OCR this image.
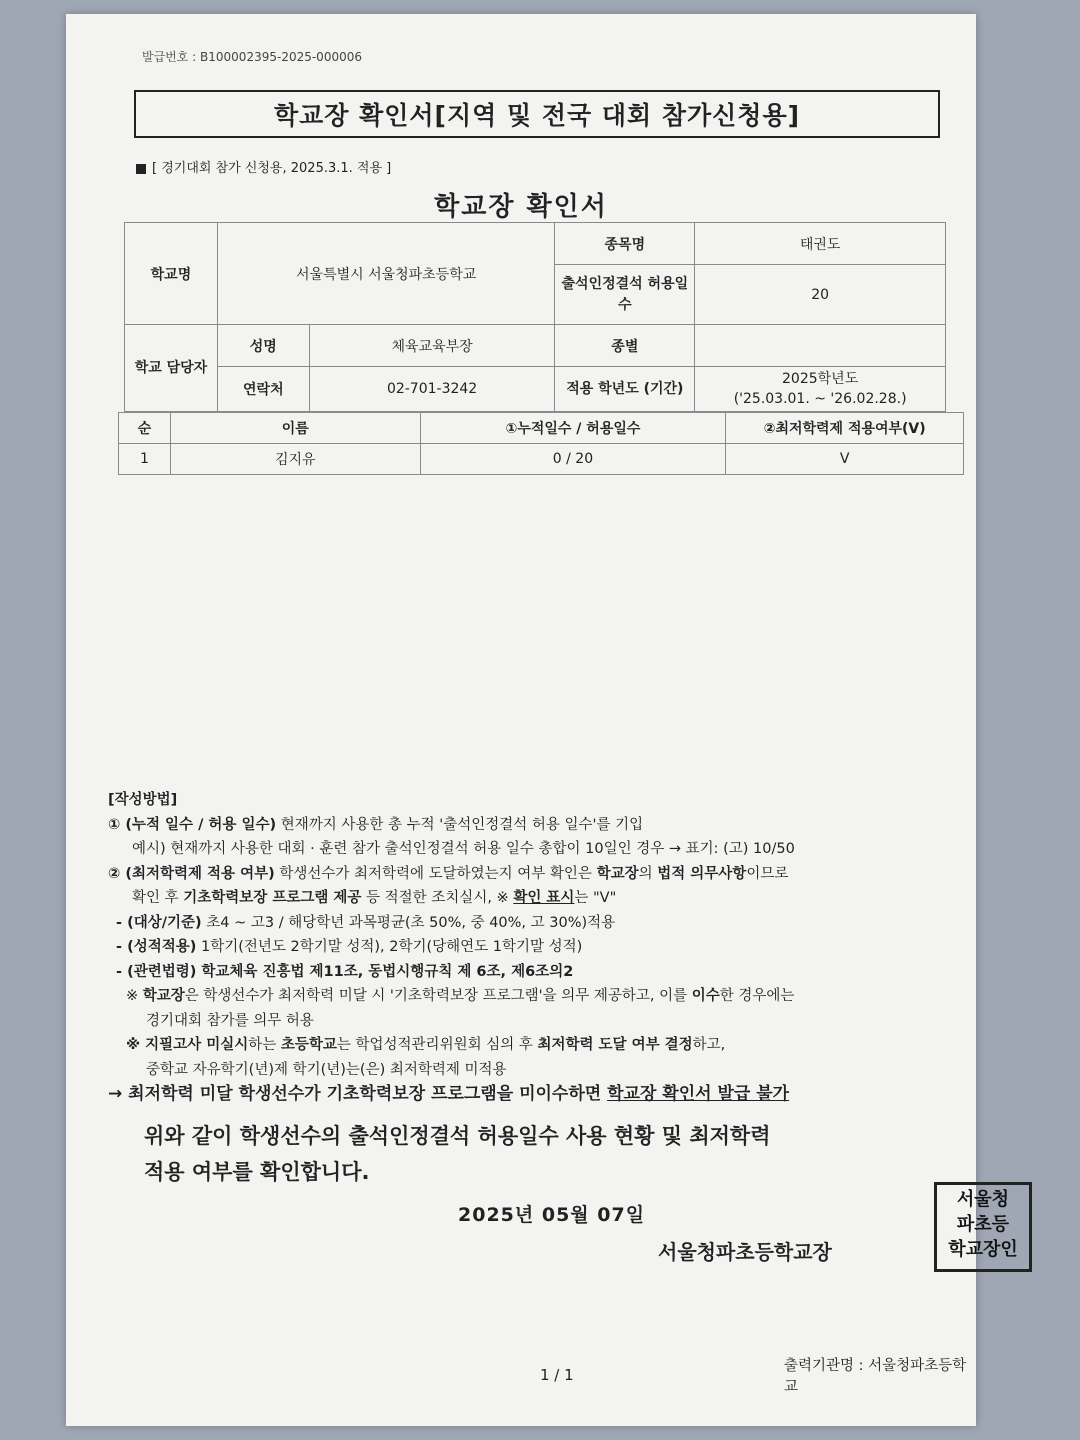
발급번호 : B100002395-2025-000006
학교장 확인서[지역 및 전국 대회 참가신청용]
[ 경기대회 참가 신청용, 2025.3.1. 적용 ]
학교장 확인서
학교명	서울특별시 서울청파초등학교		종목명	태권도
			출석인정결석 허용일수	20
학교 담당자	성명	체육교육부장	종별	
	연락처	02-701-3242	적용 학년도 (기간)	2025학년도
('25.03.01. ~ '26.02.28.)
순	이름	①누적일수 / 허용일수	②최저학력제 적용여부(V)
1	김지유	0 / 20	V
[작성방법]
① (누적 일수 / 허용 일수) 현재까지 사용한 총 누적 '출석인정결석 허용 일수'를 기입
예시) 현재까지 사용한 대회 · 훈련 참가 출석인정결석 허용 일수 총합이 10일인 경우 → 표기: (고) 10/50
② (최저학력제 적용 여부) 학생선수가 최저학력에 도달하였는지 여부 확인은 학교장의 법적 의무사항이므로
확인 후 기초학력보장 프로그램 제공 등 적절한 조치실시, ※ 확인 표시는 "V"
- (대상/기준) 초4 ~ 고3 / 해당학년 과목평균(초 50%, 중 40%, 고 30%)적용
- (성적적용) 1학기(전년도 2학기말 성적), 2학기(당해연도 1학기말 성적)
- (관련법령) 학교체육 진흥법 제11조, 동법시행규칙 제 6조, 제6조의2
※ 학교장은 학생선수가 최저학력 미달 시 '기초학력보장 프로그램'을 의무 제공하고, 이를 이수한 경우에는
경기대회 참가를 의무 허용
※ 지필고사 미실시하는 초등학교는 학업성적관리위원회 심의 후 최저학력 도달 여부 결정하고,
중학교 자유학기(년)제 학기(년)는(은) 최저학력제 미적용
→ 최저학력 미달 학생선수가 기초학력보장 프로그램을 미이수하면 학교장 확인서 발급 불가
위와 같이 학생선수의 출석인정결석 허용일수 사용 현황 및 최저학력
적용 여부를 확인합니다.
2025년 05월 07일
서울청파초등학교장
서울청
파초등
학교장인
1 / 1	출력기관명 : 서울청파초등학교
